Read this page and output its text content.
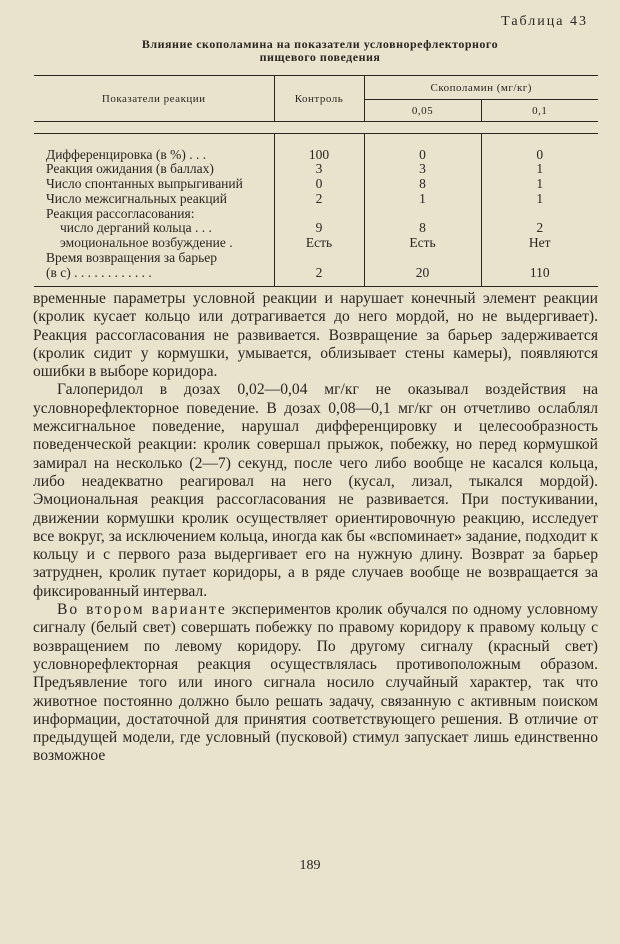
Таблица 43
Влияние скополамина на показатели условнорефлекторного
пищевого поведения
Показатели реакции	Контроль	Скополамин (мг/кг)	
		0,05	0,1

Дифференцировка (в %) . . .	100	0	0
Реакция ожидания (в баллах)	3	3	1
Число спонтанных выпрыгиваний	0	8	1
Число межсигнальных реакций	2	1	1
Реакция рассогласования:			
число дерганий кольца . . .	9	8	2
эмоциональное возбуждение .	Есть	Есть	Нет
Время возвращения за барьер			
(в с) . . . . . . . . . . . .	2	20	110

временные параметры условной реакции и нарушает конечный элемент реакции (кролик кусает кольцо или дотрагивается до него мордой, но не выдергивает). Реакция рассогласования не развивается. Возвращение за барьер задерживается (кролик сидит у кормушки, умывается, облизывает стены камеры), появляются ошибки в выборе коридора.

Галоперидол в дозах 0,02—0,04 мг/кг не оказывал воздействия на условнорефлекторное поведение. В дозах 0,08—0,1 мг/кг он отчетливо ослаблял межсигнальное поведение, нарушал дифференцировку и целесообразность поведенческой реакции: кролик совершал прыжок, побежку, но перед кормушкой замирал на несколько (2—7) секунд, после чего либо вообще не касался кольца, либо неадекватно реагировал на него (кусал, лизал, тыкался мордой). Эмоциональная реакция рассогласования не развивается. При постукивании, движении кормушки кролик осуществляет ориентировочную реакцию, исследует все вокруг, за исключением кольца, иногда как бы «вспоминает» задание, подходит к кольцу и с первого раза выдергивает его на нужную длину. Возврат за барьер затруднен, кролик путает коридоры, а в ряде случаев вообще не возвращается за фиксированный интервал.

Во втором варианте экспериментов кролик обучался по одному условному сигналу (белый свет) совершать побежку по правому коридору к правому кольцу с возвращением по левому коридору. По другому сигналу (красный свет) условнорефлекторная реакция осуществлялась противоположным образом. Предъявление того или иного сигнала носило случайный характер, так что животное постоянно должно было решать задачу, связанную с активным поиском информации, достаточной для принятия соответствующего решения. В отличие от предыдущей модели, где условный (пусковой) стимул запускает лишь единственно возможное

189
